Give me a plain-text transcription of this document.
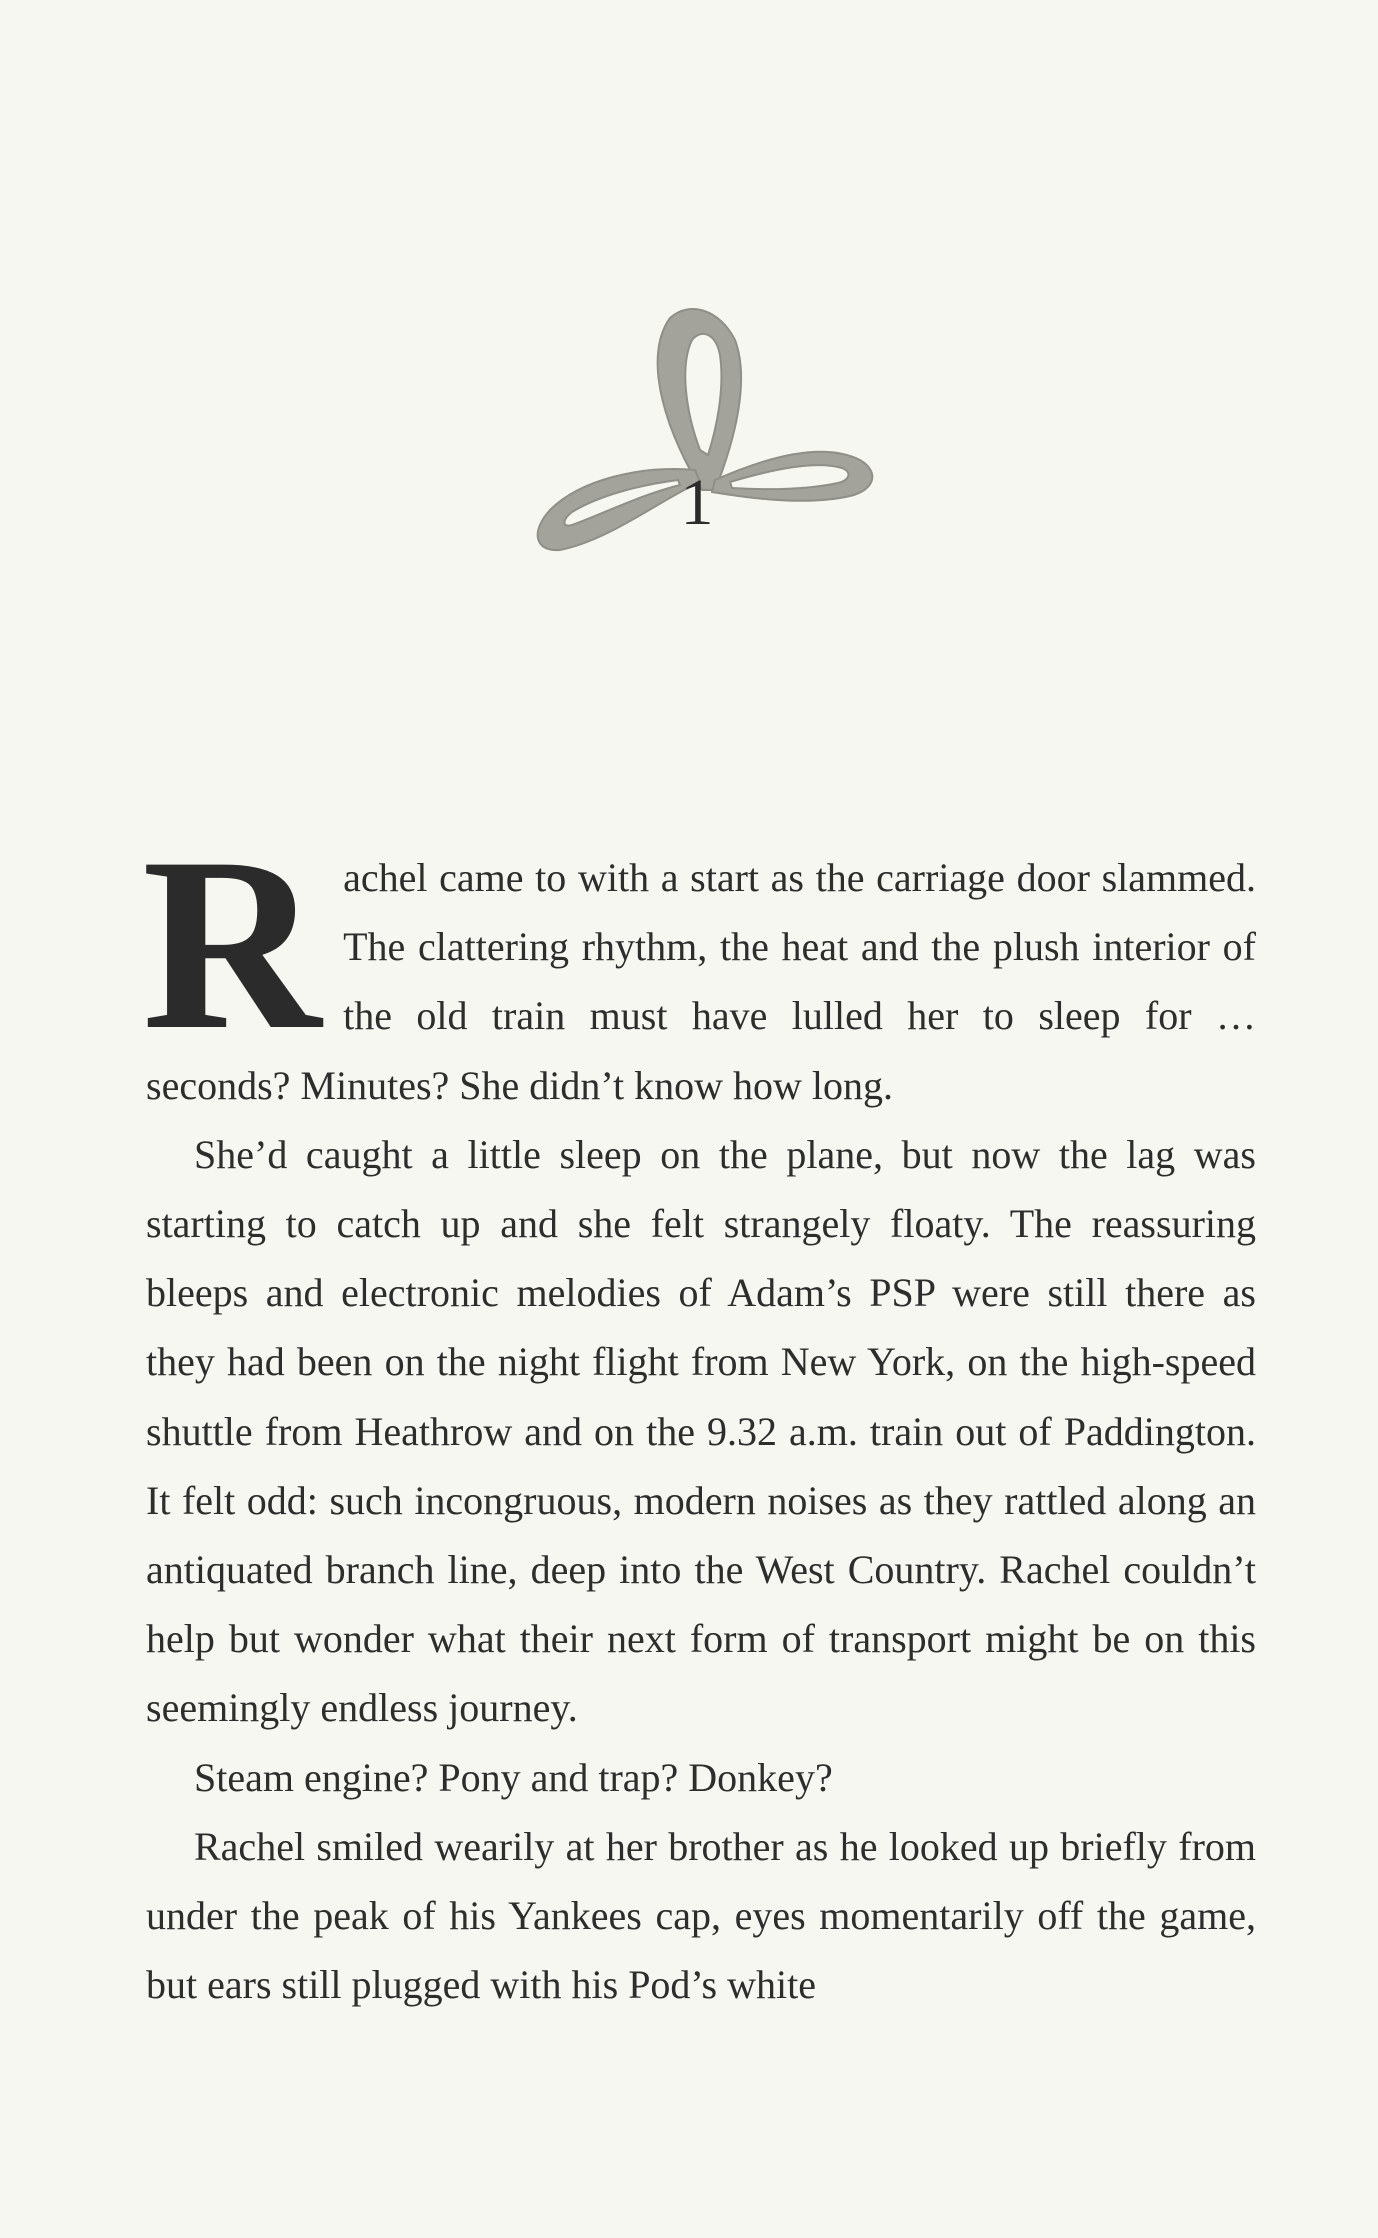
1

Rachel came to with a start as the carriage door slammed. The clattering rhythm, the heat and the plush interior of the old train must have lulled her to sleep for … seconds? Minutes? She didn’t know how long.

She’d caught a little sleep on the plane, but now the lag was starting to catch up and she felt strangely floaty. The reassuring bleeps and electronic melodies of Adam’s PSP were still there as they had been on the night flight from New York, on the high-speed shuttle from Heathrow and on the 9.32 a.m. train out of Paddington. It felt odd: such incongruous, modern noises as they rattled along an antiquated branch line, deep into the West Country. Rachel couldn’t help but wonder what their next form of transport might be on this seemingly endless journey.

Steam engine? Pony and trap? Donkey?

Rachel smiled wearily at her brother as he looked up briefly from under the peak of his Yankees cap, eyes momentarily off the game, but ears still plugged with his Pod’s white
